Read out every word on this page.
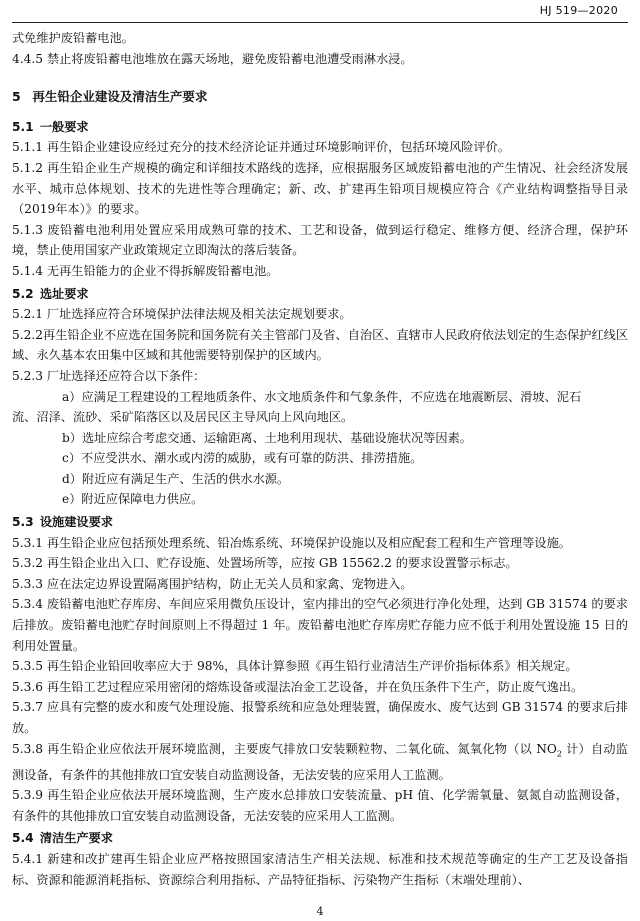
HJ 519—2020

式免维护废铅蓄电池。

4.4.5 禁止将废铅蓄电池堆放在露天场地，避免废铅蓄电池遭受雨淋水浸。

5 再生铅企业建设及清洁生产要求
5.1 一般要求

5.1.1 再生铅企业建设应经过充分的技术经济论证并通过环境影响评价，包括环境风险评价。

5.1.2 再生铅企业生产规模的确定和详细技术路线的选择，应根据服务区域废铅蓄电池的产生情况、社会经济发展水平、城市总体规划、技术的先进性等合理确定；新、改、扩建再生铅项目规模应符合《产业结构调整指导目录（2019年本）》的要求。

5.1.3 废铅蓄电池利用处置应采用成熟可靠的技术、工艺和设备，做到运行稳定、维修方便、经济合理，保护环境，禁止使用国家产业政策规定立即淘汰的落后装备。

5.1.4 无再生铅能力的企业不得拆解废铅蓄电池。

5.2 选址要求

5.2.1 厂址选择应符合环境保护法律法规及相关法定规划要求。

5.2.2再生铅企业不应选在国务院和国务院有关主管部门及省、自治区、直辖市人民政府依法划定的生态保护红线区域、永久基本农田集中区域和其他需要特别保护的区域内。

5.2.3 厂址选择还应符合以下条件：

a）应满足工程建设的工程地质条件、水文地质条件和气象条件，不应选在地震断层、滑坡、泥石

流、沼泽、流砂、采矿陷落区以及居民区主导风向上风向地区。

b）选址应综合考虑交通、运输距离、土地利用现状、基础设施状况等因素。

c）不应受洪水、潮水或内涝的威胁，或有可靠的防洪、排涝措施。

d）附近应有满足生产、生活的供水水源。

e）附近应保障电力供应。

5.3 设施建设要求

5.3.1 再生铅企业应包括预处理系统、铅冶炼系统、环境保护设施以及相应配套工程和生产管理等设施。

5.3.2 再生铅企业出入口、贮存设施、处置场所等，应按 GB 15562.2 的要求设置警示标志。

5.3.3 应在法定边界设置隔离围护结构，防止无关人员和家禽、宠物进入。

5.3.4 废铅蓄电池贮存库房、车间应采用微负压设计，室内排出的空气必须进行净化处理，达到 GB 31574 的要求后排放。废铅蓄电池贮存时间原则上不得超过 1 年。废铅蓄电池贮存库房贮存能力应不低于利用处置设施 15 日的利用处置量。

5.3.5 再生铅企业铅回收率应大于 98%，具体计算参照《再生铅行业清洁生产评价指标体系》相关规定。

5.3.6 再生铅工艺过程应采用密闭的熔炼设备或湿法冶金工艺设备，并在负压条件下生产，防止废气逸出。

5.3.7 应具有完整的废水和废气处理设施、报警系统和应急处理装置，确保废水、废气达到 GB 31574 的要求后排放。

5.3.8 再生铅企业应依法开展环境监测，主要废气排放口安装颗粒物、二氧化硫、氮氧化物（以 $NO_2$ 计）自动监测设备，有条件的其他排放口宜安装自动监测设备，无法安装的应采用人工监测。

5.3.9 再生铅企业应依法开展环境监测，生产废水总排放口安装流量、pH 值、化学需氧量、氨氮自动监测设备，有条件的其他排放口宜安装自动监测设备，无法安装的应采用人工监测。

5.4 清洁生产要求

5.4.1 新建和改扩建再生铅企业应严格按照国家清洁生产相关法规、标准和技术规范等确定的生产工艺及设备指标、资源和能源消耗指标、资源综合利用指标、产品特征指标、污染物产生指标（末端处理前）、

4
